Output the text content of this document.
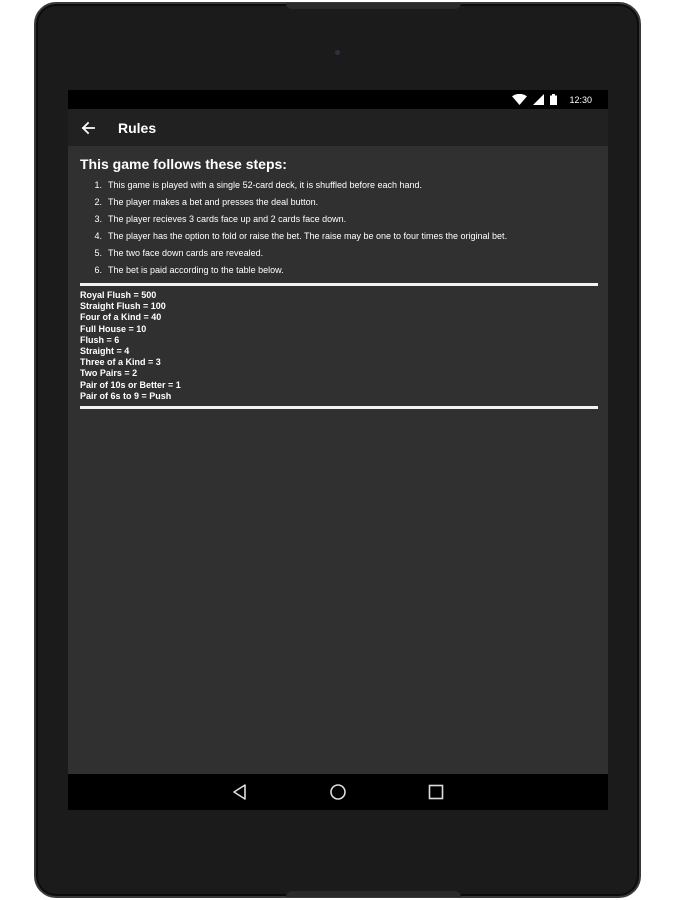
12:30
Rules
This game follows these steps:
1. This game is played with a single 52-card deck, it is shuffled before each hand.
2. The player makes a bet and presses the deal button.
3. The player recieves 3 cards face up and 2 cards face down.
4. The player has the option to fold or raise the bet. The raise may be one to four times the original bet.
5. The two face down cards are revealed.
6. The bet is paid according to the table below.
Royal Flush = 500
Straight Flush = 100
Four of a Kind = 40
Full House = 10
Flush = 6
Straight = 4
Three of a Kind = 3
Two Pairs = 2
Pair of 10s or Better = 1
Pair of 6s to 9 = Push
